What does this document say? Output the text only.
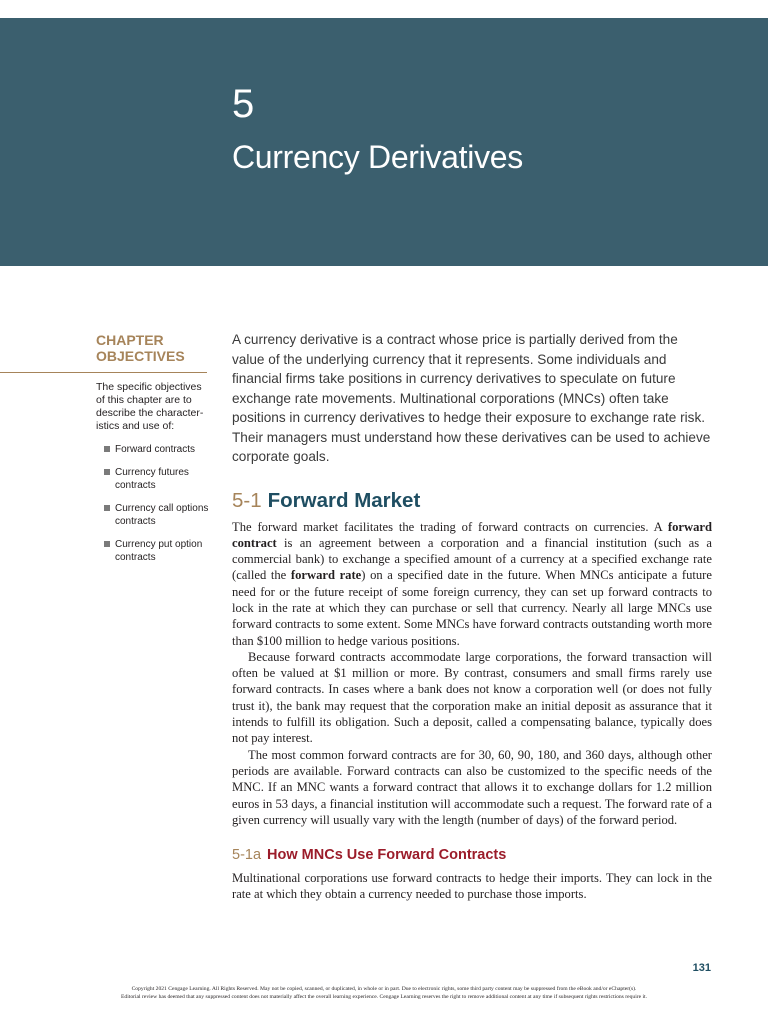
5
Currency Derivatives
CHAPTER
OBJECTIVES

The specific objectives of this chapter are to describe the character-istics and use of:

Forward contracts
Currency futures contracts
Currency call options contracts
Currency put option contracts

A currency derivative is a contract whose price is partially derived from the value of the underlying currency that it represents. Some individuals and financial firms take positions in currency derivatives to speculate on future exchange rate movements. Multinational corporations (MNCs) often take positions in currency derivatives to hedge their exposure to exchange rate risk. Their managers must understand how these derivatives can be used to achieve corporate goals.

5-1 Forward Market

The forward market facilitates the trading of forward contracts on currencies. A forward contract is an agreement between a corporation and a financial institution (such as a commercial bank) to exchange a specified amount of a currency at a specified exchange rate (called the forward rate) on a specified date in the future. When MNCs anticipate a future need for or the future receipt of some foreign currency, they can set up forward contracts to lock in the rate at which they can purchase or sell that currency. Nearly all large MNCs use forward contracts to some extent. Some MNCs have forward contracts outstanding worth more than $100 million to hedge various positions.

Because forward contracts accommodate large corporations, the forward transaction will often be valued at $1 million or more. By contrast, consumers and small firms rarely use forward contracts. In cases where a bank does not know a corporation well (or does not fully trust it), the bank may request that the corporation make an initial deposit as assurance that it intends to fulfill its obligation. Such a deposit, called a compensating balance, typically does not pay interest.

The most common forward contracts are for 30, 60, 90, 180, and 360 days, although other periods are available. Forward contracts can also be customized to the specific needs of the MNC. If an MNC wants a forward contract that allows it to exchange dollars for 1.2 million euros in 53 days, a financial institution will accommodate such a request. The forward rate of a given currency will usually vary with the length (number of days) of the forward period.

5-1a How MNCs Use Forward Contracts

Multinational corporations use forward contracts to hedge their imports. They can lock in the rate at which they obtain a currency needed to purchase those imports.

131
Copyright 2021 Cengage Learning. All Rights Reserved. May not be copied, scanned, or duplicated, in whole or in part. Due to electronic rights, some third party content may be suppressed from the eBook and/or eChapter(s).
Editorial review has deemed that any suppressed content does not materially affect the overall learning experience. Cengage Learning reserves the right to remove additional content at any time if subsequent rights restrictions require it.
